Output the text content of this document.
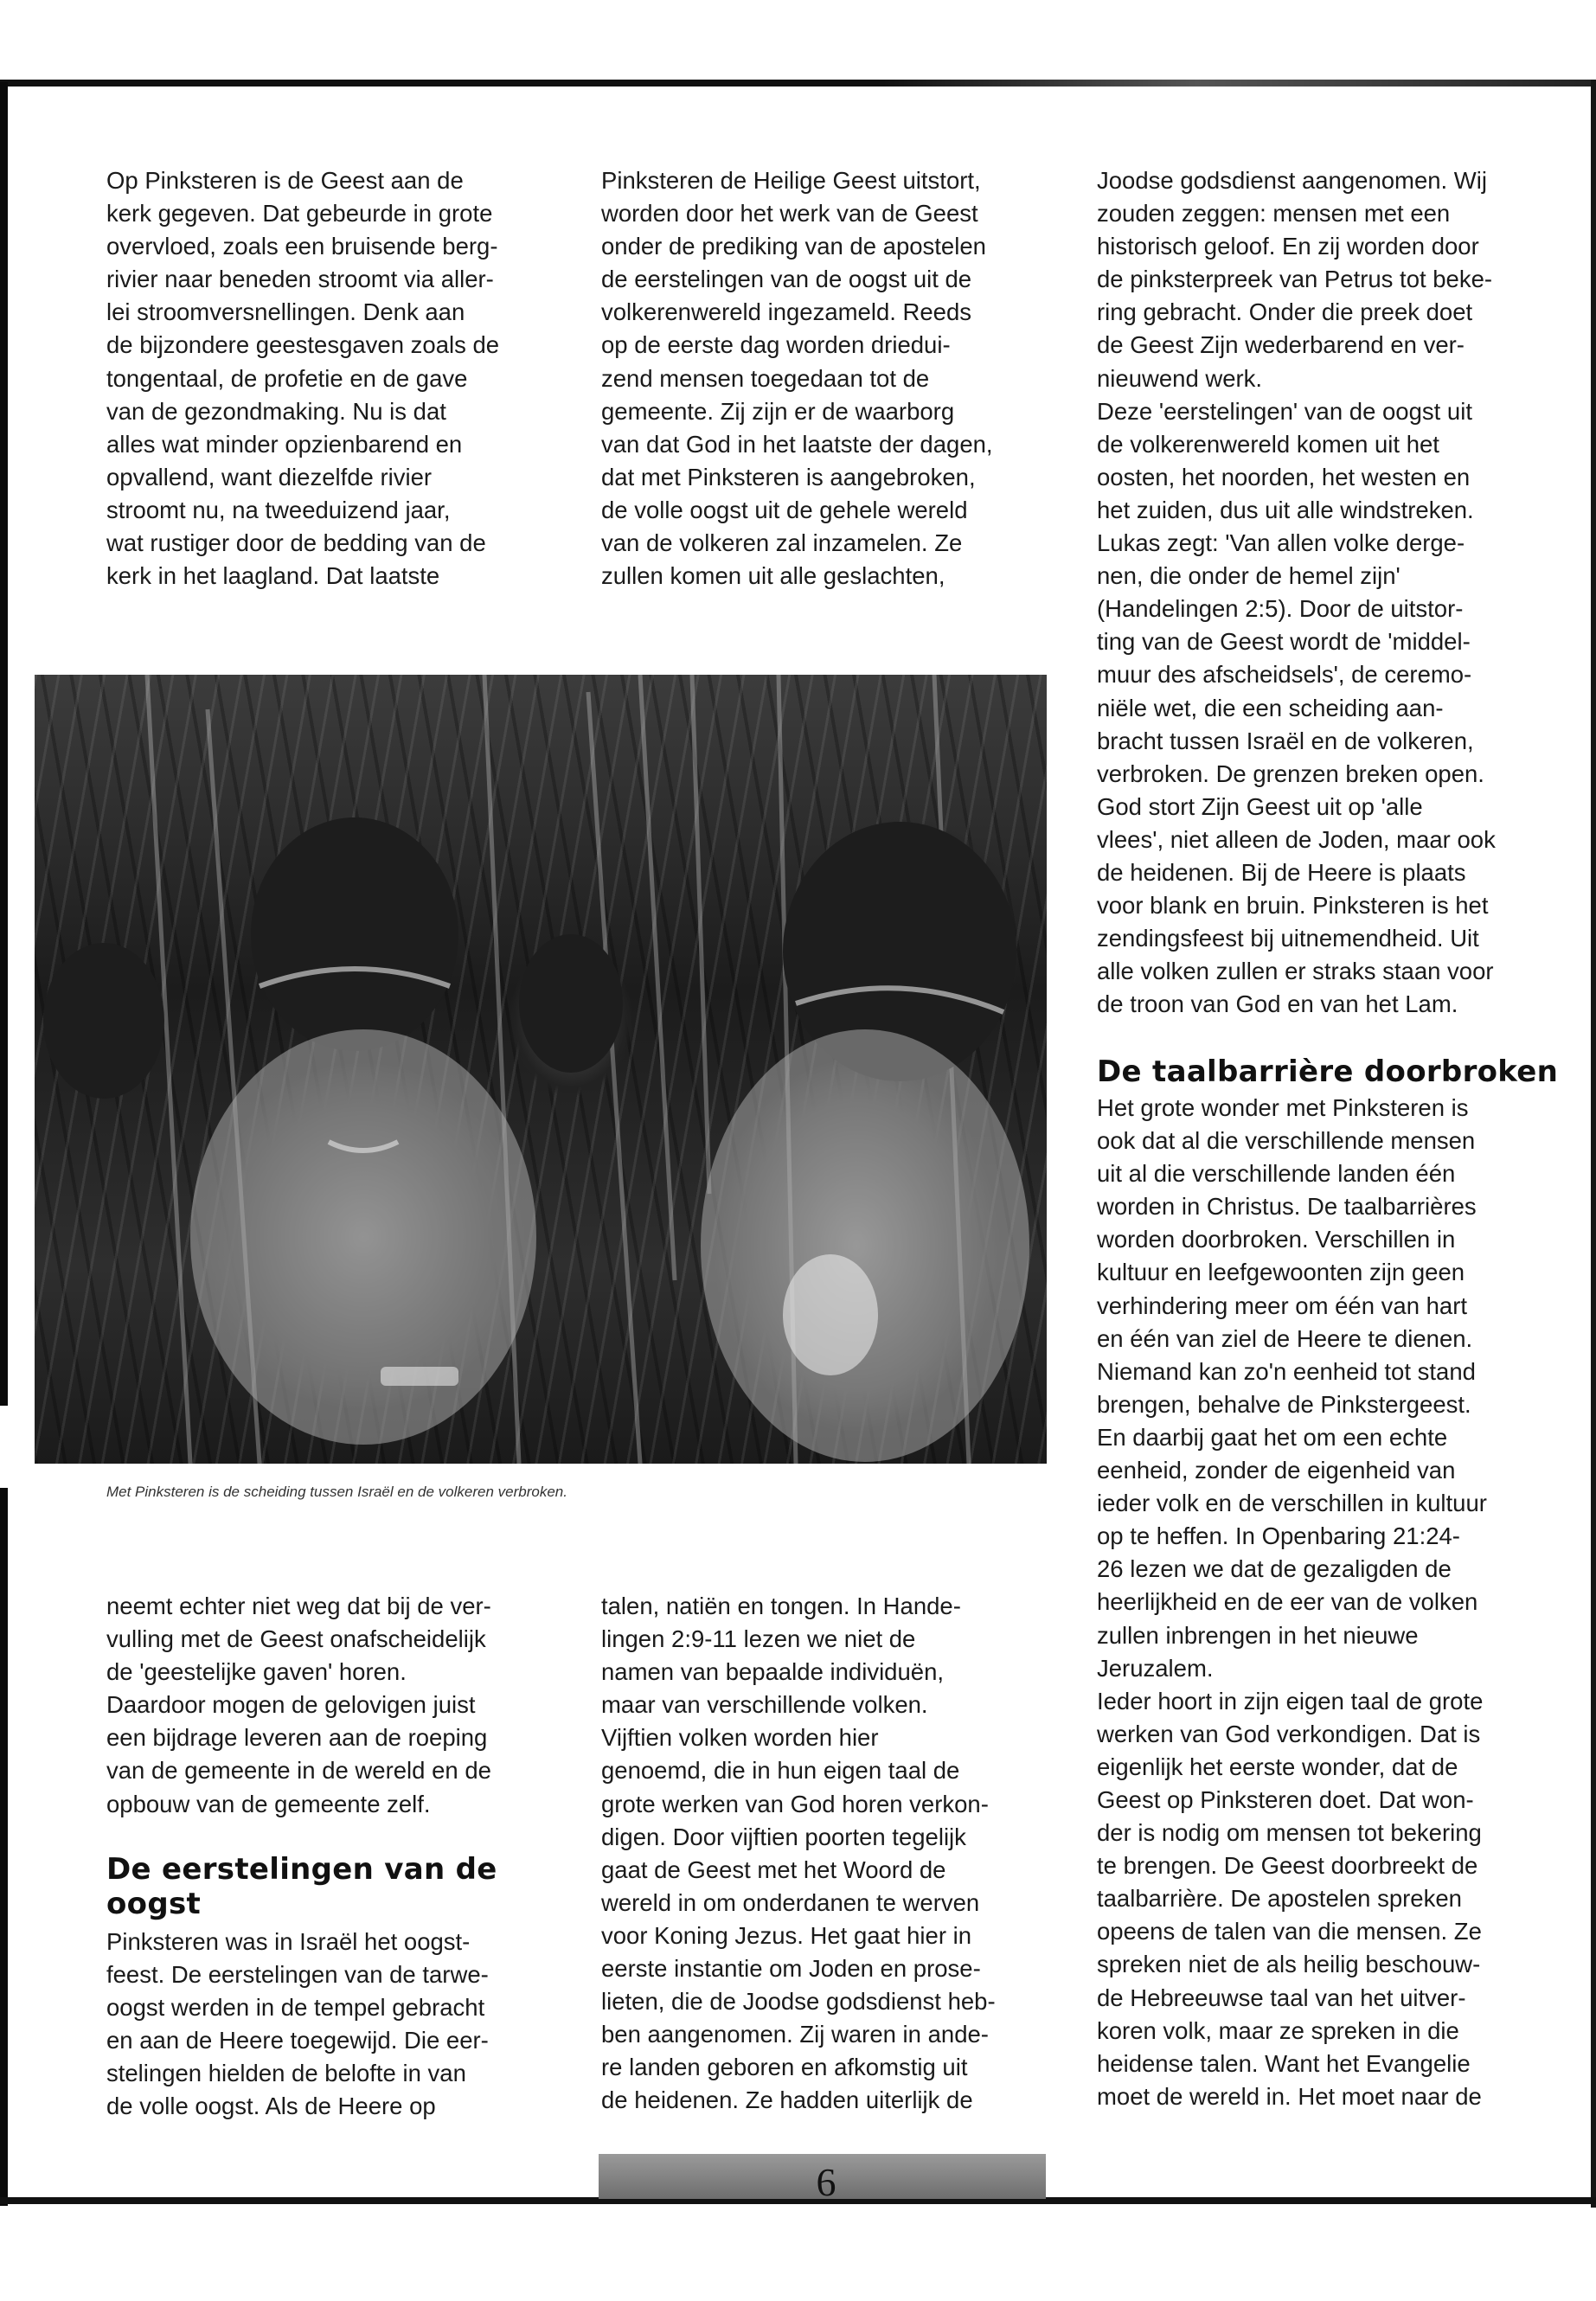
Op Pinksteren is de Geest aan de
kerk gegeven. Dat gebeurde in grote
overvloed, zoals een bruisende berg-
rivier naar beneden stroomt via aller-
lei stroomversnellingen. Denk aan
de bijzondere geestesgaven zoals de
tongentaal, de profetie en de gave
van de gezondmaking. Nu is dat
alles wat minder opzienbarend en
opvallend, want diezelfde rivier
stroomt nu, na tweeduizend jaar,
wat rustiger door de bedding van de
kerk in het laagland. Dat laatste
Pinksteren de Heilige Geest uitstort,
worden door het werk van de Geest
onder de prediking van de apostelen
de eerstelingen van de oogst uit de
volkerenwereld ingezameld. Reeds
op de eerste dag worden driedui-
zend mensen toegedaan tot de
gemeente. Zij zijn er de waarborg
van dat God in het laatste der dagen,
dat met Pinksteren is aangebroken,
de volle oogst uit de gehele wereld
van de volkeren zal inzamelen. Ze
zullen komen uit alle geslachten,
Joodse godsdienst aangenomen. Wij
zouden zeggen: mensen met een
historisch geloof. En zij worden door
de pinksterpreek van Petrus tot beke-
ring gebracht. Onder die preek doet
de Geest Zijn wederbarend en ver-
nieuwend werk.
Deze 'eerstelingen' van de oogst uit
de volkerenwereld komen uit het
oosten, het noorden, het westen en
het zuiden, dus uit alle windstreken.
Lukas zegt: 'Van allen volke derge-
nen, die onder de hemel zijn'
(Handelingen 2:5). Door de uitstor-
ting van de Geest wordt de 'middel-
muur des afscheidsels', de ceremo-
niële wet, die een scheiding aan-
bracht tussen Israël en de volkeren,
verbroken. De grenzen breken open.
God stort Zijn Geest uit op 'alle
vlees', niet alleen de Joden, maar ook
de heidenen. Bij de Heere is plaats
voor blank en bruin. Pinksteren is het
zendingsfeest bij uitnemendheid. Uit
alle volken zullen er straks staan voor
de troon van God en van het Lam.
De taalbarrière doorbroken
Het grote wonder met Pinksteren is
ook dat al die verschillende mensen
uit al die verschillende landen één
worden in Christus. De taalbarrières
worden doorbroken. Verschillen in
kultuur en leefgewoonten zijn geen
verhindering meer om één van hart
en één van ziel de Heere te dienen.
Niemand kan zo'n eenheid tot stand
brengen, behalve de Pinkstergeest.
En daarbij gaat het om een echte
eenheid, zonder de eigenheid van
ieder volk en de verschillen in kultuur
op te heffen. In Openbaring 21:24-
26 lezen we dat de gezaligden de
heerlijkheid en de eer van de volken
zullen inbrengen in het nieuwe
Jeruzalem.
Ieder hoort in zijn eigen taal de grote
werken van God verkondigen. Dat is
eigenlijk het eerste wonder, dat de
Geest op Pinksteren doet. Dat won-
der is nodig om mensen tot bekering
te brengen. De Geest doorbreekt de
taalbarrière. De apostelen spreken
opeens de talen van die mensen. Ze
spreken niet de als heilig beschouw-
de Hebreeuwse taal van het uitver-
koren volk, maar ze spreken in die
heidense talen. Want het Evangelie
moet de wereld in. Het moet naar de
Met Pinksteren is de scheiding tussen Israël en de volkeren verbroken.
neemt echter niet weg dat bij de ver-
vulling met de Geest onafscheidelijk
de 'geestelijke gaven' horen.
Daardoor mogen de gelovigen juist
een bijdrage leveren aan de roeping
van de gemeente in de wereld en de
opbouw van de gemeente zelf.
De eerstelingen van de
oogst
Pinksteren was in Israël het oogst-
feest. De eerstelingen van de tarwe-
oogst werden in de tempel gebracht
en aan de Heere toegewijd. Die eer-
stelingen hielden de belofte in van
de volle oogst. Als de Heere op
talen, natiën en tongen. In Hande-
lingen 2:9-11 lezen we niet de
namen van bepaalde individuën,
maar van verschillende volken.
Vijftien volken worden hier
genoemd, die in hun eigen taal de
grote werken van God horen verkon-
digen. Door vijftien poorten tegelijk
gaat de Geest met het Woord de
wereld in om onderdanen te werven
voor Koning Jezus. Het gaat hier in
eerste instantie om Joden en prose-
lieten, die de Joodse godsdienst heb-
ben aangenomen. Zij waren in ande-
re landen geboren en afkomstig uit
de heidenen. Ze hadden uiterlijk de
6
